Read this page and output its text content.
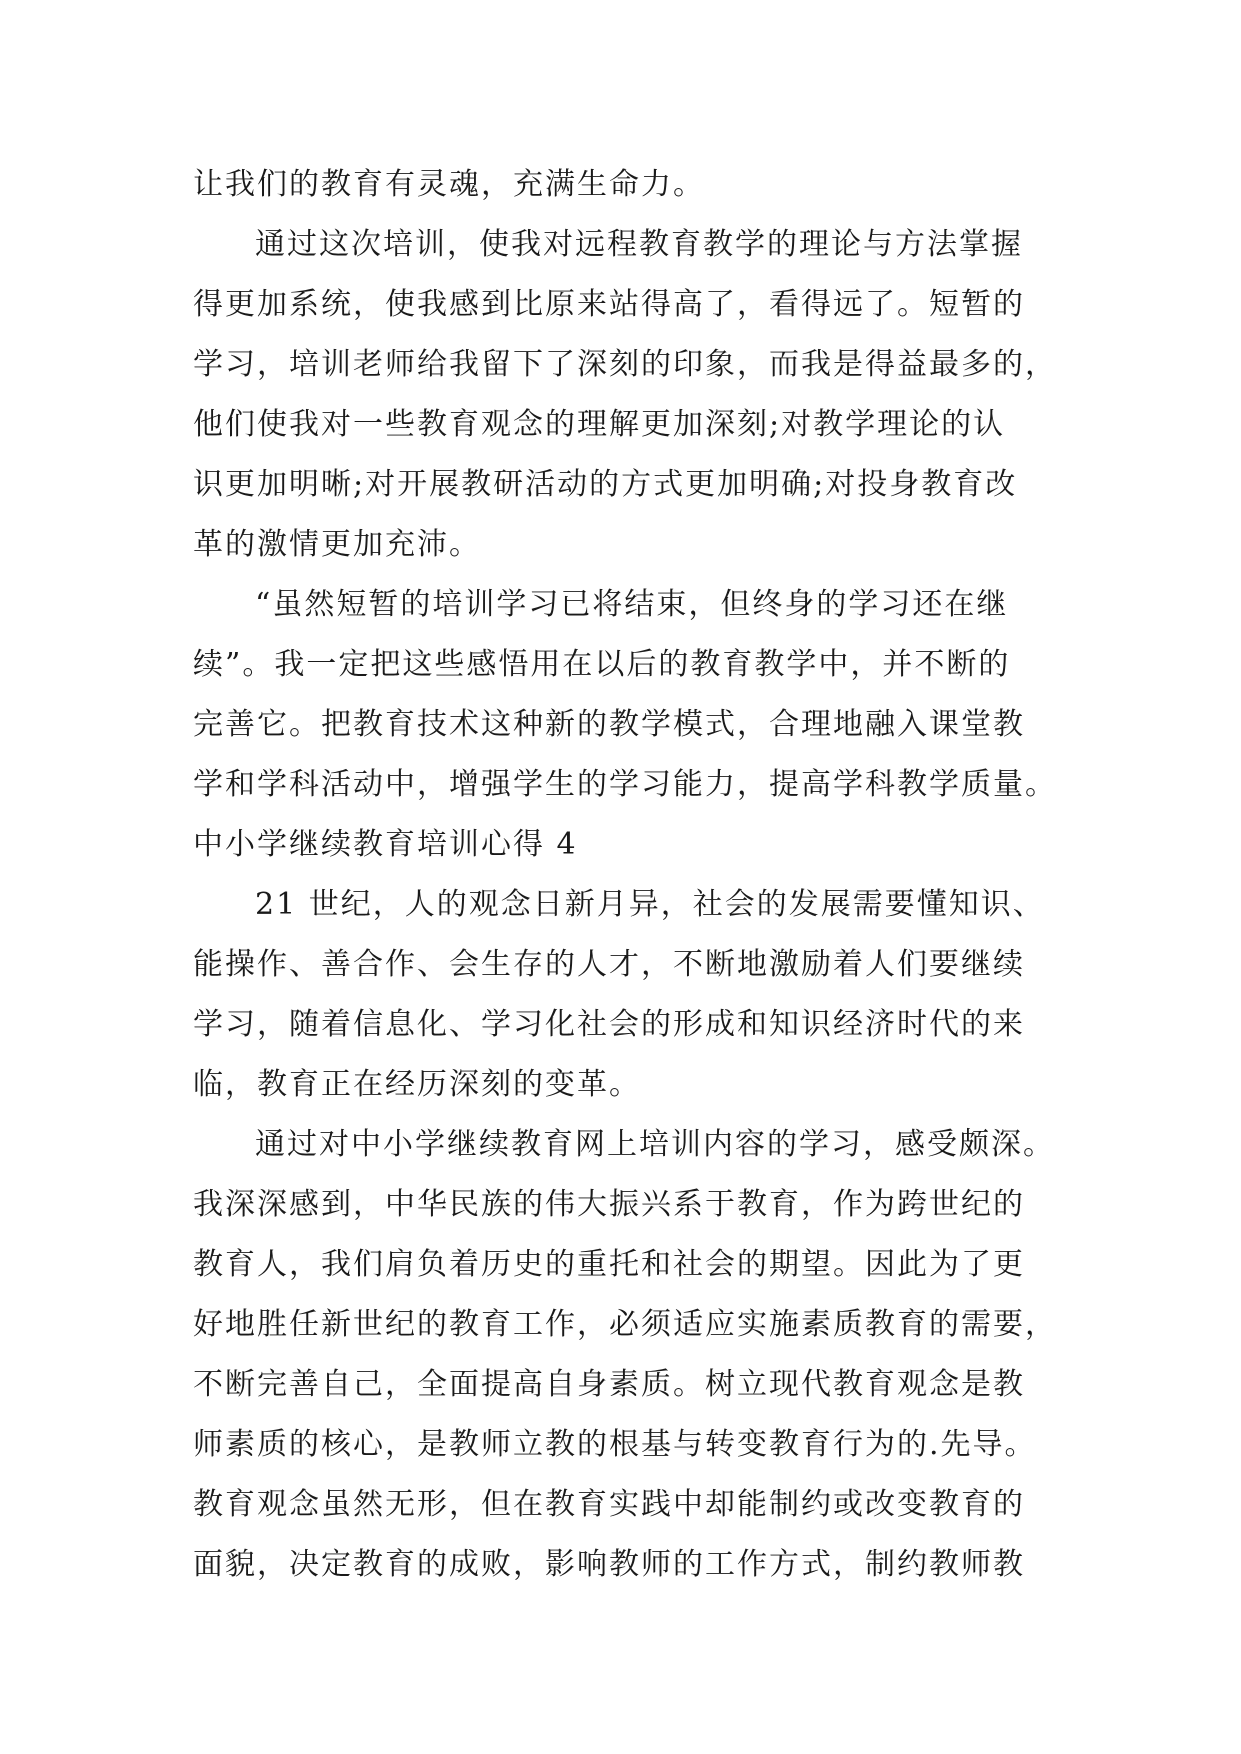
让我们的教育有灵魂，充满生命力。
通过这次培训，使我对远程教育教学的理论与方法掌握
得更加系统，使我感到比原来站得高了，看得远了。短暂的
学习，培训老师给我留下了深刻的印象，而我是得益最多的，
他们使我对一些教育观念的理解更加深刻;对教学理论的认
识更加明晰;对开展教研活动的方式更加明确;对投身教育改
革的激情更加充沛。
“虽然短暂的培训学习已将结束，但终身的学习还在继
续”。我一定把这些感悟用在以后的教育教学中，并不断的
完善它。把教育技术这种新的教学模式，合理地融入课堂教
学和学科活动中，增强学生的学习能力，提高学科教学质量。
中小学继续教育培训心得 4
21 世纪，人的观念日新月异，社会的发展需要懂知识、
能操作、善合作、会生存的人才，不断地激励着人们要继续
学习，随着信息化、学习化社会的形成和知识经济时代的来
临，教育正在经历深刻的变革。
通过对中小学继续教育网上培训内容的学习，感受颇深。
我深深感到，中华民族的伟大振兴系于教育，作为跨世纪的
教育人，我们肩负着历史的重托和社会的期望。因此为了更
好地胜任新世纪的教育工作，必须适应实施素质教育的需要，
不断完善自己，全面提高自身素质。树立现代教育观念是教
师素质的核心，是教师立教的根基与转变教育行为的.先导。
教育观念虽然无形，但在教育实践中却能制约或改变教育的
面貌，决定教育的成败，影响教师的工作方式，制约教师教
